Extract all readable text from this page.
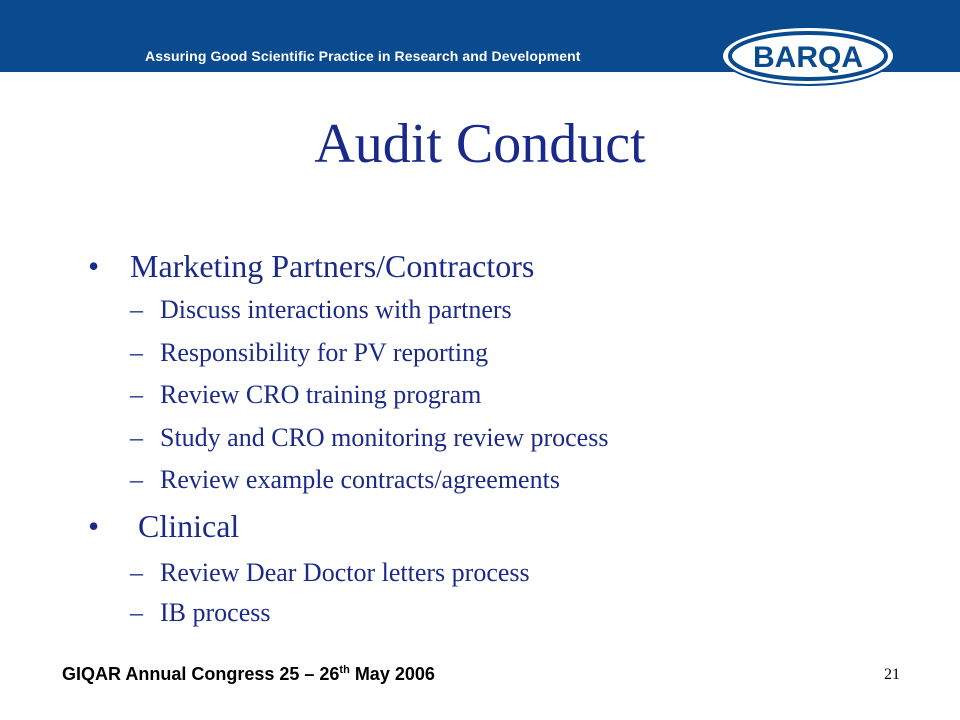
Assuring Good Scientific Practice in Research and Development	BARQA
Audit Conduct
• Marketing Partners/Contractors
– Discuss interactions with partners
– Responsibility for PV reporting
– Review CRO training program
– Study and CRO monitoring review process
– Review example contracts/agreements
• Clinical
– Review Dear Doctor letters process
– IB process
GIQAR Annual Congress 25 – 26th May 2006	21
